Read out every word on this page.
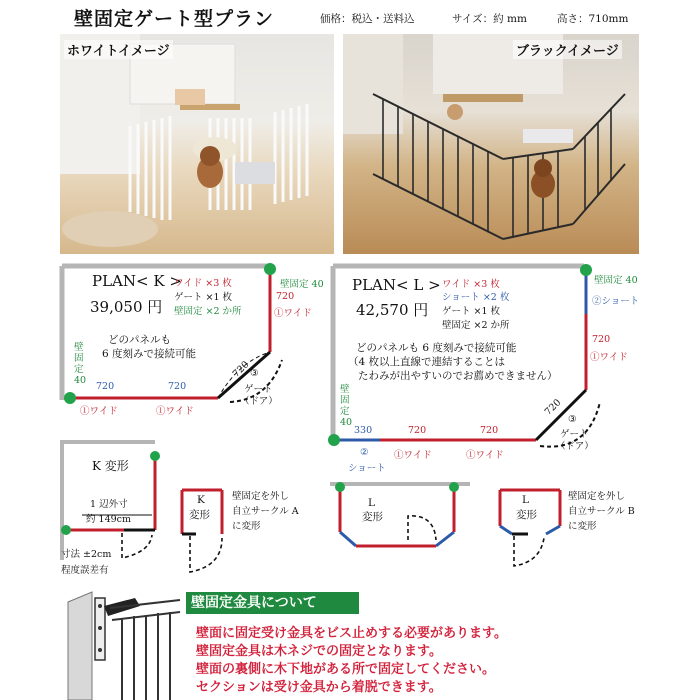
壁固定ゲート型プラン	価格：税込・送料込	サイズ：約 mm	高さ：710mm
ホワイトイメージ	ブラックイメージ
PLAN< K >
39,050 円
ワイド ×3 枚
ゲート ×1 枚
壁固定 ×2 か所
どのパネルも
6 度刻みで接続可能
壁固定 40
720
①ワイド
壁
固
定
40
720
①ワイド
720
①ワイド
720
③
ゲート
（ドア）
PLAN< L >
42,570 円
ワイド ×3 枚
ショート ×2 枚
ゲート ×1 枚
壁固定 ×2 か所
どのパネルも 6 度刻みで接続可能
（4 枚以上直線で連結することは
たわみが出やすいのでお薦めできません）
壁固定 40
②ショート
720
①ワイド
壁
固
定
40
330
②
ショート
720
①ワイド
720
①ワイド
720
③
ゲート
（ドア）
K 変形
1 辺外寸
約 149cm
寸法 ±2cm
程度誤差有
K
変形
壁固定を外し
自立サークル A
に変形
L
変形
L
変形
壁固定を外し
自立サークル B
に変形
壁固定金具について
壁面に固定受け金具をビス止めする必要があります。
壁固定金具は木ネジでの固定となります。
壁面の裏側に木下地がある所で固定してください。
セクションは受け金具から着脱できます。
